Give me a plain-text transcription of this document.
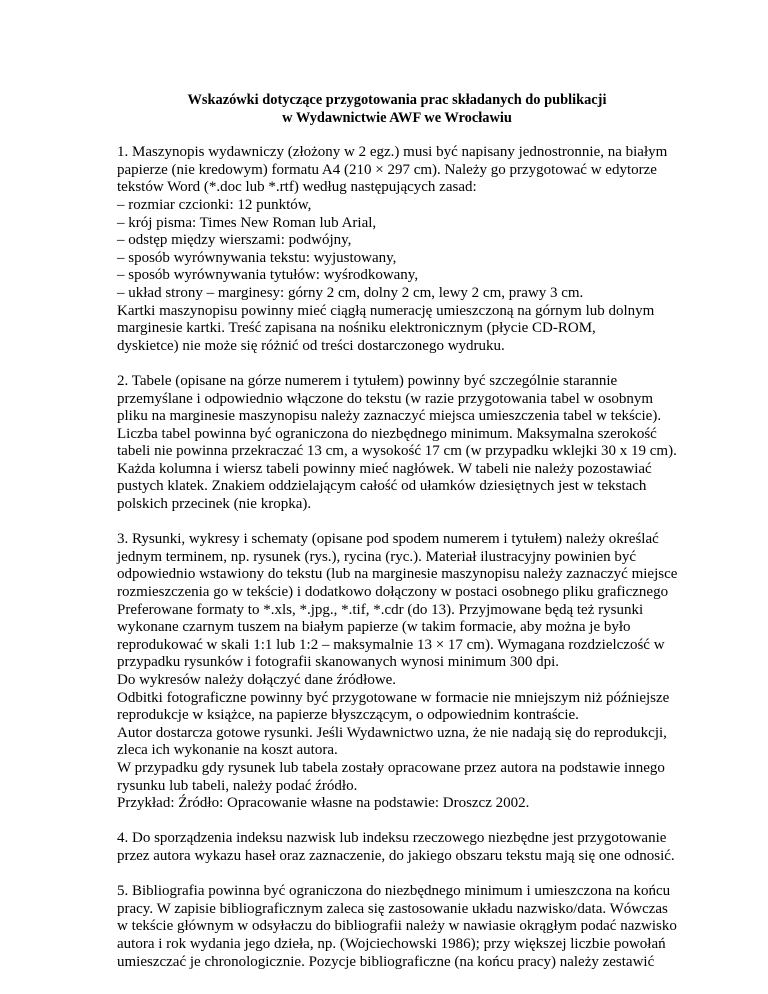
Wskazówki dotyczące przygotowania prac składanych do publikacji
w Wydawnictwie AWF we Wrocławiu
1. Maszynopis wydawniczy (złożony w 2 egz.) musi być napisany jednostronnie, na białym
papierze (nie kredowym) formatu A4 (210 × 297 cm). Należy go przygotować w edytorze
tekstów Word (*.doc lub *.rtf) według następujących zasad:
– rozmiar czcionki: 12 punktów,
– krój pisma: Times New Roman lub Arial,
– odstęp między wierszami: podwójny,
– sposób wyrównywania tekstu: wyjustowany,
– sposób wyrównywania tytułów: wyśrodkowany,
– układ strony – marginesy: górny 2 cm, dolny 2 cm, lewy 2 cm, prawy 3 cm.
Kartki maszynopisu powinny mieć ciągłą numerację umieszczoną na górnym lub dolnym
marginesie kartki. Treść zapisana na nośniku elektronicznym (płycie CD-ROM,
dyskietce) nie może się różnić od treści dostarczonego wydruku.
2. Tabele (opisane na górze numerem i tytułem) powinny być szczególnie starannie
przemyślane i odpowiednio włączone do tekstu (w razie przygotowania tabel w osobnym
pliku na marginesie maszynopisu należy zaznaczyć miejsca umieszczenia tabel w tekście).
Liczba tabel powinna być ograniczona do niezbędnego minimum. Maksymalna szerokość
tabeli nie powinna przekraczać 13 cm, a wysokość 17 cm (w przypadku wklejki 30 x 19 cm).
Każda kolumna i wiersz tabeli powinny mieć nagłówek. W tabeli nie należy pozostawiać
pustych klatek. Znakiem oddzielającym całość od ułamków dziesiętnych jest w tekstach
polskich przecinek (nie kropka).
3. Rysunki, wykresy i schematy (opisane pod spodem numerem i tytułem) należy określać
jednym terminem, np. rysunek (rys.), rycina (ryc.). Materiał ilustracyjny powinien być
odpowiednio wstawiony do tekstu (lub na marginesie maszynopisu należy zaznaczyć miejsce
rozmieszczenia go w tekście) i dodatkowo dołączony w postaci osobnego pliku graficznego
Preferowane formaty to *.xls, *.jpg., *.tif, *.cdr (do 13). Przyjmowane będą też rysunki
wykonane czarnym tuszem na białym papierze (w takim formacie, aby można je było
reprodukować w skali 1:1 lub 1:2 – maksymalnie 13 × 17 cm). Wymagana rozdzielczość w
przypadku rysunków i fotografii skanowanych wynosi minimum 300 dpi.
Do wykresów należy dołączyć dane źródłowe.
Odbitki fotograficzne powinny być przygotowane w formacie nie mniejszym niż późniejsze
reprodukcje w książce, na papierze błyszczącym, o odpowiednim kontraście.
Autor dostarcza gotowe rysunki. Jeśli Wydawnictwo uzna, że nie nadają się do reprodukcji,
zleca ich wykonanie na koszt autora.
W przypadku gdy rysunek lub tabela zostały opracowane przez autora na podstawie innego
rysunku lub tabeli, należy podać źródło.
Przykład: Źródło: Opracowanie własne na podstawie: Droszcz 2002.
4. Do sporządzenia indeksu nazwisk lub indeksu rzeczowego niezbędne jest przygotowanie
przez autora wykazu haseł oraz zaznaczenie, do jakiego obszaru tekstu mają się one odnosić.
5. Bibliografia powinna być ograniczona do niezbędnego minimum i umieszczona na końcu
pracy. W zapisie bibliograficznym zaleca się zastosowanie układu nazwisko/data. Wówczas
w tekście głównym w odsyłaczu do bibliografii należy w nawiasie okrągłym podać nazwisko
autora i rok wydania jego dzieła, np. (Wojciechowski 1986); przy większej liczbie powołań
umieszczać je chronologicznie. Pozycje bibliograficzne (na końcu pracy) należy zestawić
